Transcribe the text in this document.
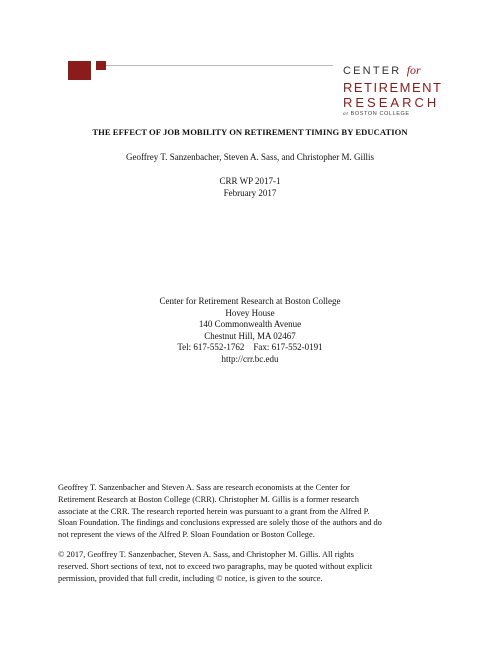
CENTER for
RETIREMENT
RESEARCH
at BOSTON COLLEGE
THE EFFECT OF JOB MOBILITY ON RETIREMENT TIMING BY EDUCATION
Geoffrey T. Sanzenbacher, Steven A. Sass, and Christopher M. Gillis
CRR WP 2017-1
February 2017
Center for Retirement Research at Boston College
Hovey House
140 Commonwealth Avenue
Chestnut Hill, MA 02467
Tel: 617-552-1762    Fax: 617-552-0191
http://crr.bc.edu
Geoffrey T. Sanzenbacher and Steven A. Sass are research economists at the Center for
Retirement Research at Boston College (CRR). Christopher M. Gillis is a former research
associate at the CRR. The research reported herein was pursuant to a grant from the Alfred P.
Sloan Foundation. The findings and conclusions expressed are solely those of the authors and do
not represent the views of the Alfred P. Sloan Foundation or Boston College.
© 2017, Geoffrey T. Sanzenbacher, Steven A. Sass, and Christopher M. Gillis. All rights
reserved. Short sections of text, not to exceed two paragraphs, may be quoted without explicit
permission, provided that full credit, including © notice, is given to the source.
